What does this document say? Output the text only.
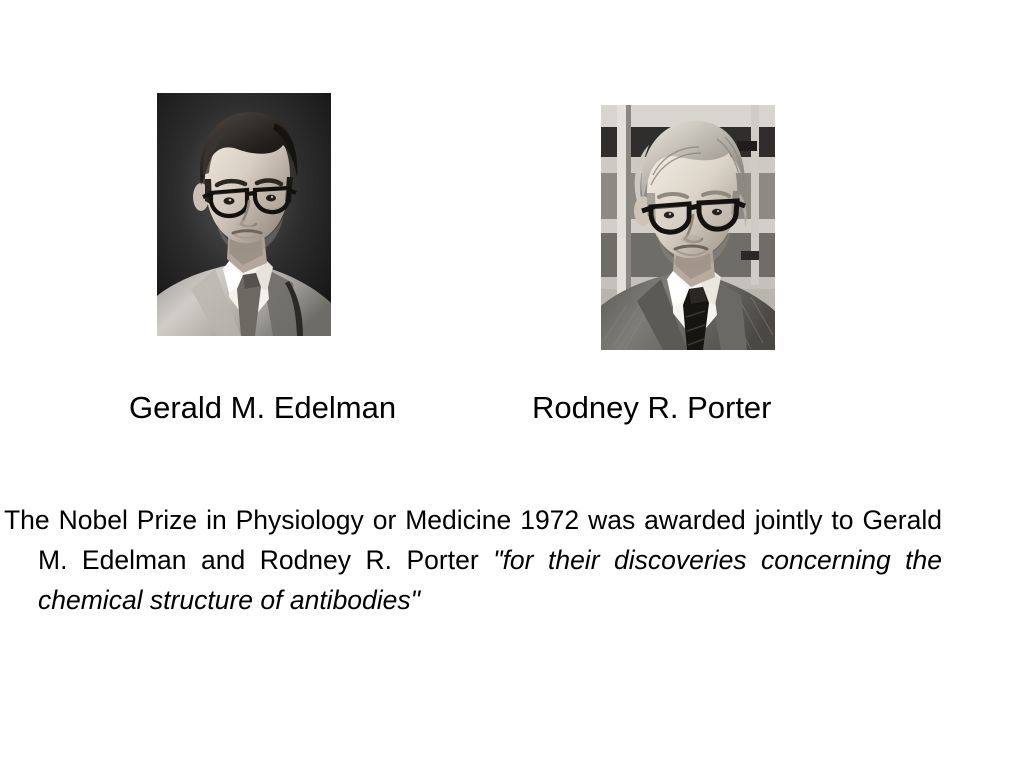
Gerald M. Edelman	Rodney R. Porter
The Nobel Prize in Physiology or Medicine 1972 was awarded jointly to Gerald M. Edelman and Rodney R. Porter "for their discoveries concerning the chemical structure of antibodies"
